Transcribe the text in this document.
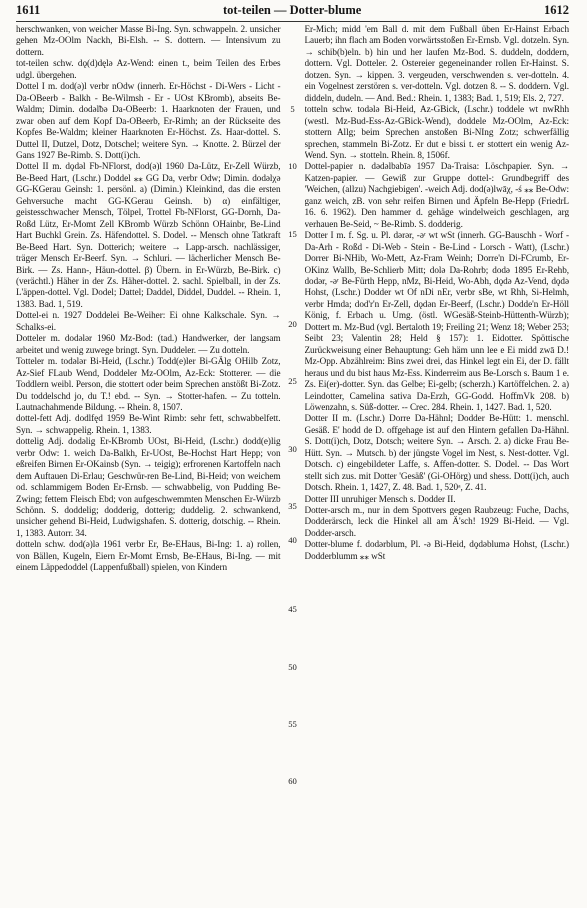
1611	tot-teilen — Dotter-blume	1612

herschwanken, von weicher Masse Bi-Ing. Syn. schwappeln. 2. unsicher gehen Mz-OOlm Nackh, Bi-Elsh. -- S. dottern. — Intensivum zu dottern.

tot-teilen schw. dǫ(d)dęlǝ Az-Wend: einen t., beim Teilen des Erbes udgl. übergehen.

Dottel I m. dod(ǝ)l verbr nOdw (innerh. Er-Höchst - Di-Wers - Licht - Da-OBeerb - Balkh - Be-Wilmsh - Er - UOst KBromb), abseits Be-Waldm; Dimin. dodǝlƀǝ Da-OBeerb: 1. Haarknoten der Frauen, und zwar oben auf dem Kopf Da-OBeerb, Er-Rimh; an der Rückseite des Kopfes Be-Waldm; kleiner Haarknoten Er-Höchst. Zs. Haar-dottel. S. Duttel II, Dutzel, Dotz, Dotschel; weitere Syn. → Knotte. 2. Bürzel der Gans 1927 Be-Rimb. S. Dott(i)ch.

Dottel II m. dǫdǝl Fb-NFlorst, dod(ǝ)l 1960 Da-Lütz, Er-Zell Würzb, Be-Beed Hart, (Lschr.) Doddel ⁎⁎ GG Da, verbr Odw; Dimin. dodǝlχǝ GG-KGerau Geinsh: 1. persönl. a) (Dimin.) Kleinkind, das die ersten Gehversuche macht GG-KGerau Geinsh. b) α) einfältiger, geistesschwacher Mensch, Tölpel, Trottel Fb-NFlorst, GG-Dornh, Da-Roßd Lütz, Er-Momt Zell KBromb Würzb Schönn OHainbr, Be-Lind Hart Buchkl Grein. Zs. Häfendottel. S. Dodel. -- Mensch ohne Tatkraft Be-Beed Hart. Syn. Dotterich; weitere → Lapp-arsch. nachlässiger, träger Mensch Er-Beerf. Syn. → Schluri. — lächerlicher Mensch Be-Birk. — Zs. Hann-, Häun-dottel. β) Übern. in Er-Würzb, Be-Birk. c) (verächtl.) Häher in der Zs. Häher-dottel. 2. sachl. Spielball, in der Zs. L'äppen-dottel. Vgl. Dodel; Dattel; Daddel, Diddel, Duddel. -- Rhein. 1, 1383. Bad. 1, 519.

Dottel-ei n. 1927 Doddelei Be-Weiher: Ei ohne Kalkschale. Syn. → Schalks-ei.

Dotteler m. dodǝlǝr 1960 Mz-Bod: (tad.) Handwerker, der langsam arbeitet und wenig zuwege bringt. Syn. Duddeler. — Zu dotteln.

Totteler m. todǝlǝr Bi-Heid, (Lschr.) Todd(e)ler Bi-GÄlg OHilb Zotz, Az-Sief FLaub Wend, Doddeler Mz-OOlm, Az-Eck: Stotterer. — die Toddlern weibl. Person, die stottert oder beim Sprechen anstößt Bi-Zotz. Du toddelschd jo, du T.! ebd. -- Syn. → Stotter-hafen. -- Zu totteln. Lautnachahmende Bildung. -- Rhein. 8, 1507.

dottel-fett Adj. dodlfęd 1959 Be-Wint Rimb: sehr fett, schwabbelfett. Syn. → schwappelig. Rhein. 1, 1383.

dottelig Adj. dodǝlig Er-KBromb UOst, Bi-Heid, (Lschr.) dodd(e)lig verbr Odw: 1. weich Da-Balkh, Er-UOst, Be-Hochst Hart Hepp; von eßreifen Birnen Er-OKainsb (Syn. → teigig); erfrorenen Kartoffeln nach dem Auftauen Di-Erlau; Geschwür-ren Be-Lind, Bi-Heid; von weichem od. schlammigem Boden Er-Ernsb. — schwabbelig, von Pudding Be-Zwing; fettem Fleisch Ebd; von aufgeschwemmten Menschen Er-Würzb Schönn. S. doddelig; dodderig, dotterig; duddelig. 2. schwankend, unsicher gehend Bi-Heid, Ludwigshafen. S. dotterig, dotschig. -- Rhein. 1, 1383. Autorr. 34.

dotteln schw. dod(ǝ)lǝ 1961 verbr Er, Be-EHaus, Bi-Ing: 1. a) rollen, von Bällen, Kugeln, Eiern Er-Momt Ernsb, Be-EHaus, Bi-Ing. — mit einem Läppedoddel (Lappenfußball) spielen, von Kindern

5
10
15
20
25
30
35
40
45
50
55
60

Er-Mich; midd 'em Ball d. mit dem Fußball üben Er-Hainst Erbach Lauerb; ihn flach am Boden vorwärtsstoßen Er-Ernsb. Vgl. dotzeln. Syn. → schib(b)eln. b) hin und her laufen Mz-Bod. S. duddeln, doddern, dottern. Vgl. Dotteler. 2. Ostereier gegeneinander rollen Er-Hainst. S. dotzen. Syn. → kippen. 3. vergeuden, verschwenden s. ver-dotteln. 4. ein Vogelnest zerstören s. ver-dotteln. Vgl. dotzen 8. -- S. doddern. Vgl. diddeln, dudeln. — And. Bed.: Rhein. 1, 1383; Bad. 1, 519; Els. 2, 727.

totteln schw. todǝlǝ Bi-Heid, Az-GBick, (Lschr.) toddele wt nwRhh (westl. Mz-Bud-Ess-Az-GBick-Wend), doddele Mz-OOlm, Az-Eck: stottern Allg; beim Sprechen anstoßen Bi-NIng Zotz; schwerfällig sprechen, stammeln Bi-Zotz. Er dut e bissi t. er stottert ein wenig Az-Wend. Syn. → stotteln. Rhein. 8, 1506f.

Dottel-papier n. dǝdǝlbabīǝ 1957 Da-Traisa: Löschpapier. Syn. → Katzen-papier. — Gewiß zur Gruppe dottel-: Grundbegriff des 'Weichen, (allzu) Nachgiebigen'. -weich Adj. dod(ǝ)lwāχ, -ś ⁎⁎ Be-Odw: ganz weich, zB. von sehr reifen Birnen und Äpfeln Be-Hepp (FriedrL 16. 6. 1962). Den hammer d. gehäge windelweich geschlagen, arg verhauen Be-Seid, ~ Be-Rimb. S. dodderig.

Dotter I m. f. Sg. u. Pl. dǝrǝr, -ǝʳ wt wSt (innerh. GG-Bauschh - Worf - Da-Arh - Roßd - Di-Web - Stein - Be-Lind - Lorsch - Watt), (Lschr.) Dorrer Bi-NHib, Wo-Mett, Az-Fram Weinh; Dorre'n Di-FCrumb, Er-OKinz Wallb, Be-Schlierb Mitt; dolǝ Da-Rohrb; dodǝ 1895 Er-Rehb, dodǝr, -ǝʳ Be-Fürth Hepp, nMz, Bi-Heid, Wo-Abh, dǫdǝ Az-Vend, dǫdǝ Hohst, (Lschr.) Dodder wt Of nDi nEr, verbr sBe, wt Rhh, Si-Helmh, verbr Hmda; dod'r'n Er-Zell, dǫdǝn Er-Beerf, (Lschr.) Dodde'n Er-Höll König, f. Erbach u. Umg. (östl. WGesäß-Steinb-Hüttenth-Würzb); Dottert m. Mz-Bud (vgl. Bertaloth 19; Freiling 21; Wenz 18; Weber 253; Seibt 23; Valentin 28; Held § 157): 1. Eidotter. Spöttische Zurückweisung einer Behauptung: Geh häm unn lee e Ei midd zwā D.! Mz-Opp. Abzählreim: Bins zwei drei, das Hinkel legt ein Ei, der D. fällt heraus und du bist haus Mz-Ess. Kinderreim aus Be-Lorsch s. Baum 1 e. Zs. Ei(er)-dotter. Syn. das Gelbe; Ei-gelb; (scherzh.) Kartöffelchen. 2. a) Leindotter, Camelina sativa Da-Erzh, GG-Godd. HoffmVk 208. b) Löwenzahn, s. Süß-dotter. -- Crec. 284. Rhein. 1, 1427. Bad. 1, 520.

Dotter II m. (Lschr.) Dorre Da-Hähnl; Dodder Be-Hütt: 1. menschl. Gesäß. E' hodd de D. offgehage ist auf den Hintern gefallen Da-Hähnl. S. Dott(i)ch, Dotz, Dotsch; weitere Syn. → Arsch. 2. a) dicke Frau Be-Hütt. Syn. → Mutsch. b) der jüngste Vogel im Nest, s. Nest-dotter. Vgl. Dotsch. c) eingebildeter Laffe, s. Affen-dotter. S. Dodel. -- Das Wort stellt sich zus. mit Dotter 'Gesäß' (Gi-OHörg) und shess. Dott(i)ch, auch Dotsch. Rhein. 1, 1427, Z. 48. Bad. 1, 520ᵃ, Z. 41.

Dotter III unruhiger Mensch s. Dodder II.

Dotter-arsch m., nur in dem Spottvers gegen Raubzeug: Fuche, Dachs, Dodderärsch, leck die Hinkel all am Ä'sch! 1929 Bi-Heid. — Vgl. Dodder-arsch.

Dotter-blume f. dodǝrblum, Pl. -ǝ Bi-Heid, dǫdǝblumǝ Hohst, (Lschr.) Dodderblumm ⁎⁎ wSt
